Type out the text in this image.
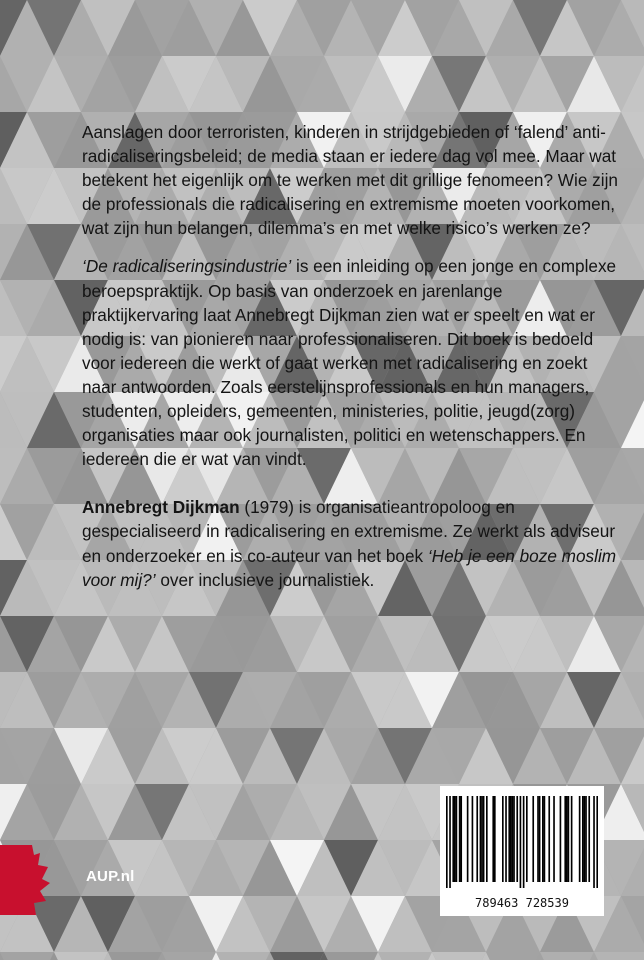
Aanslagen door terroristen, kinderen in strijdgebieden of ‘falend’ anti-radicaliseringsbeleid; de media staan er iedere dag vol mee. Maar wat betekent het eigenlijk om te werken met dit grillige fenomeen? Wie zijn de professionals die radicalisering en extremisme moeten voorkomen, wat zijn hun belangen, dilemma’s en met welke risico’s werken ze?

‘De radicaliseringsindustrie’ is een inleiding op een jonge en complexe beroepspraktijk. Op basis van onderzoek en jarenlange praktijkervaring laat Annebregt Dijkman zien wat er speelt en wat er nodig is: van pionieren naar professionaliseren. Dit boek is bedoeld voor iedereen die werkt of gaat werken met radicalisering en zoekt naar antwoorden. Zoals eerstelijnsprofessionals en hun managers, studenten, opleiders, gemeenten, ministeries, politie, jeugd(zorg) organisaties maar ook journalisten, politici en wetenschappers. En iedereen die er wat van vindt.

Annebregt Dijkman (1979) is organisatieantropoloog en gespecialiseerd in radicalisering en extremisme. Ze werkt als adviseur en onderzoeker en is co-auteur van het boek ‘Heb je een boze moslim voor mij?’ over inclusieve journalistiek.

AUP.nl
789463 728539
